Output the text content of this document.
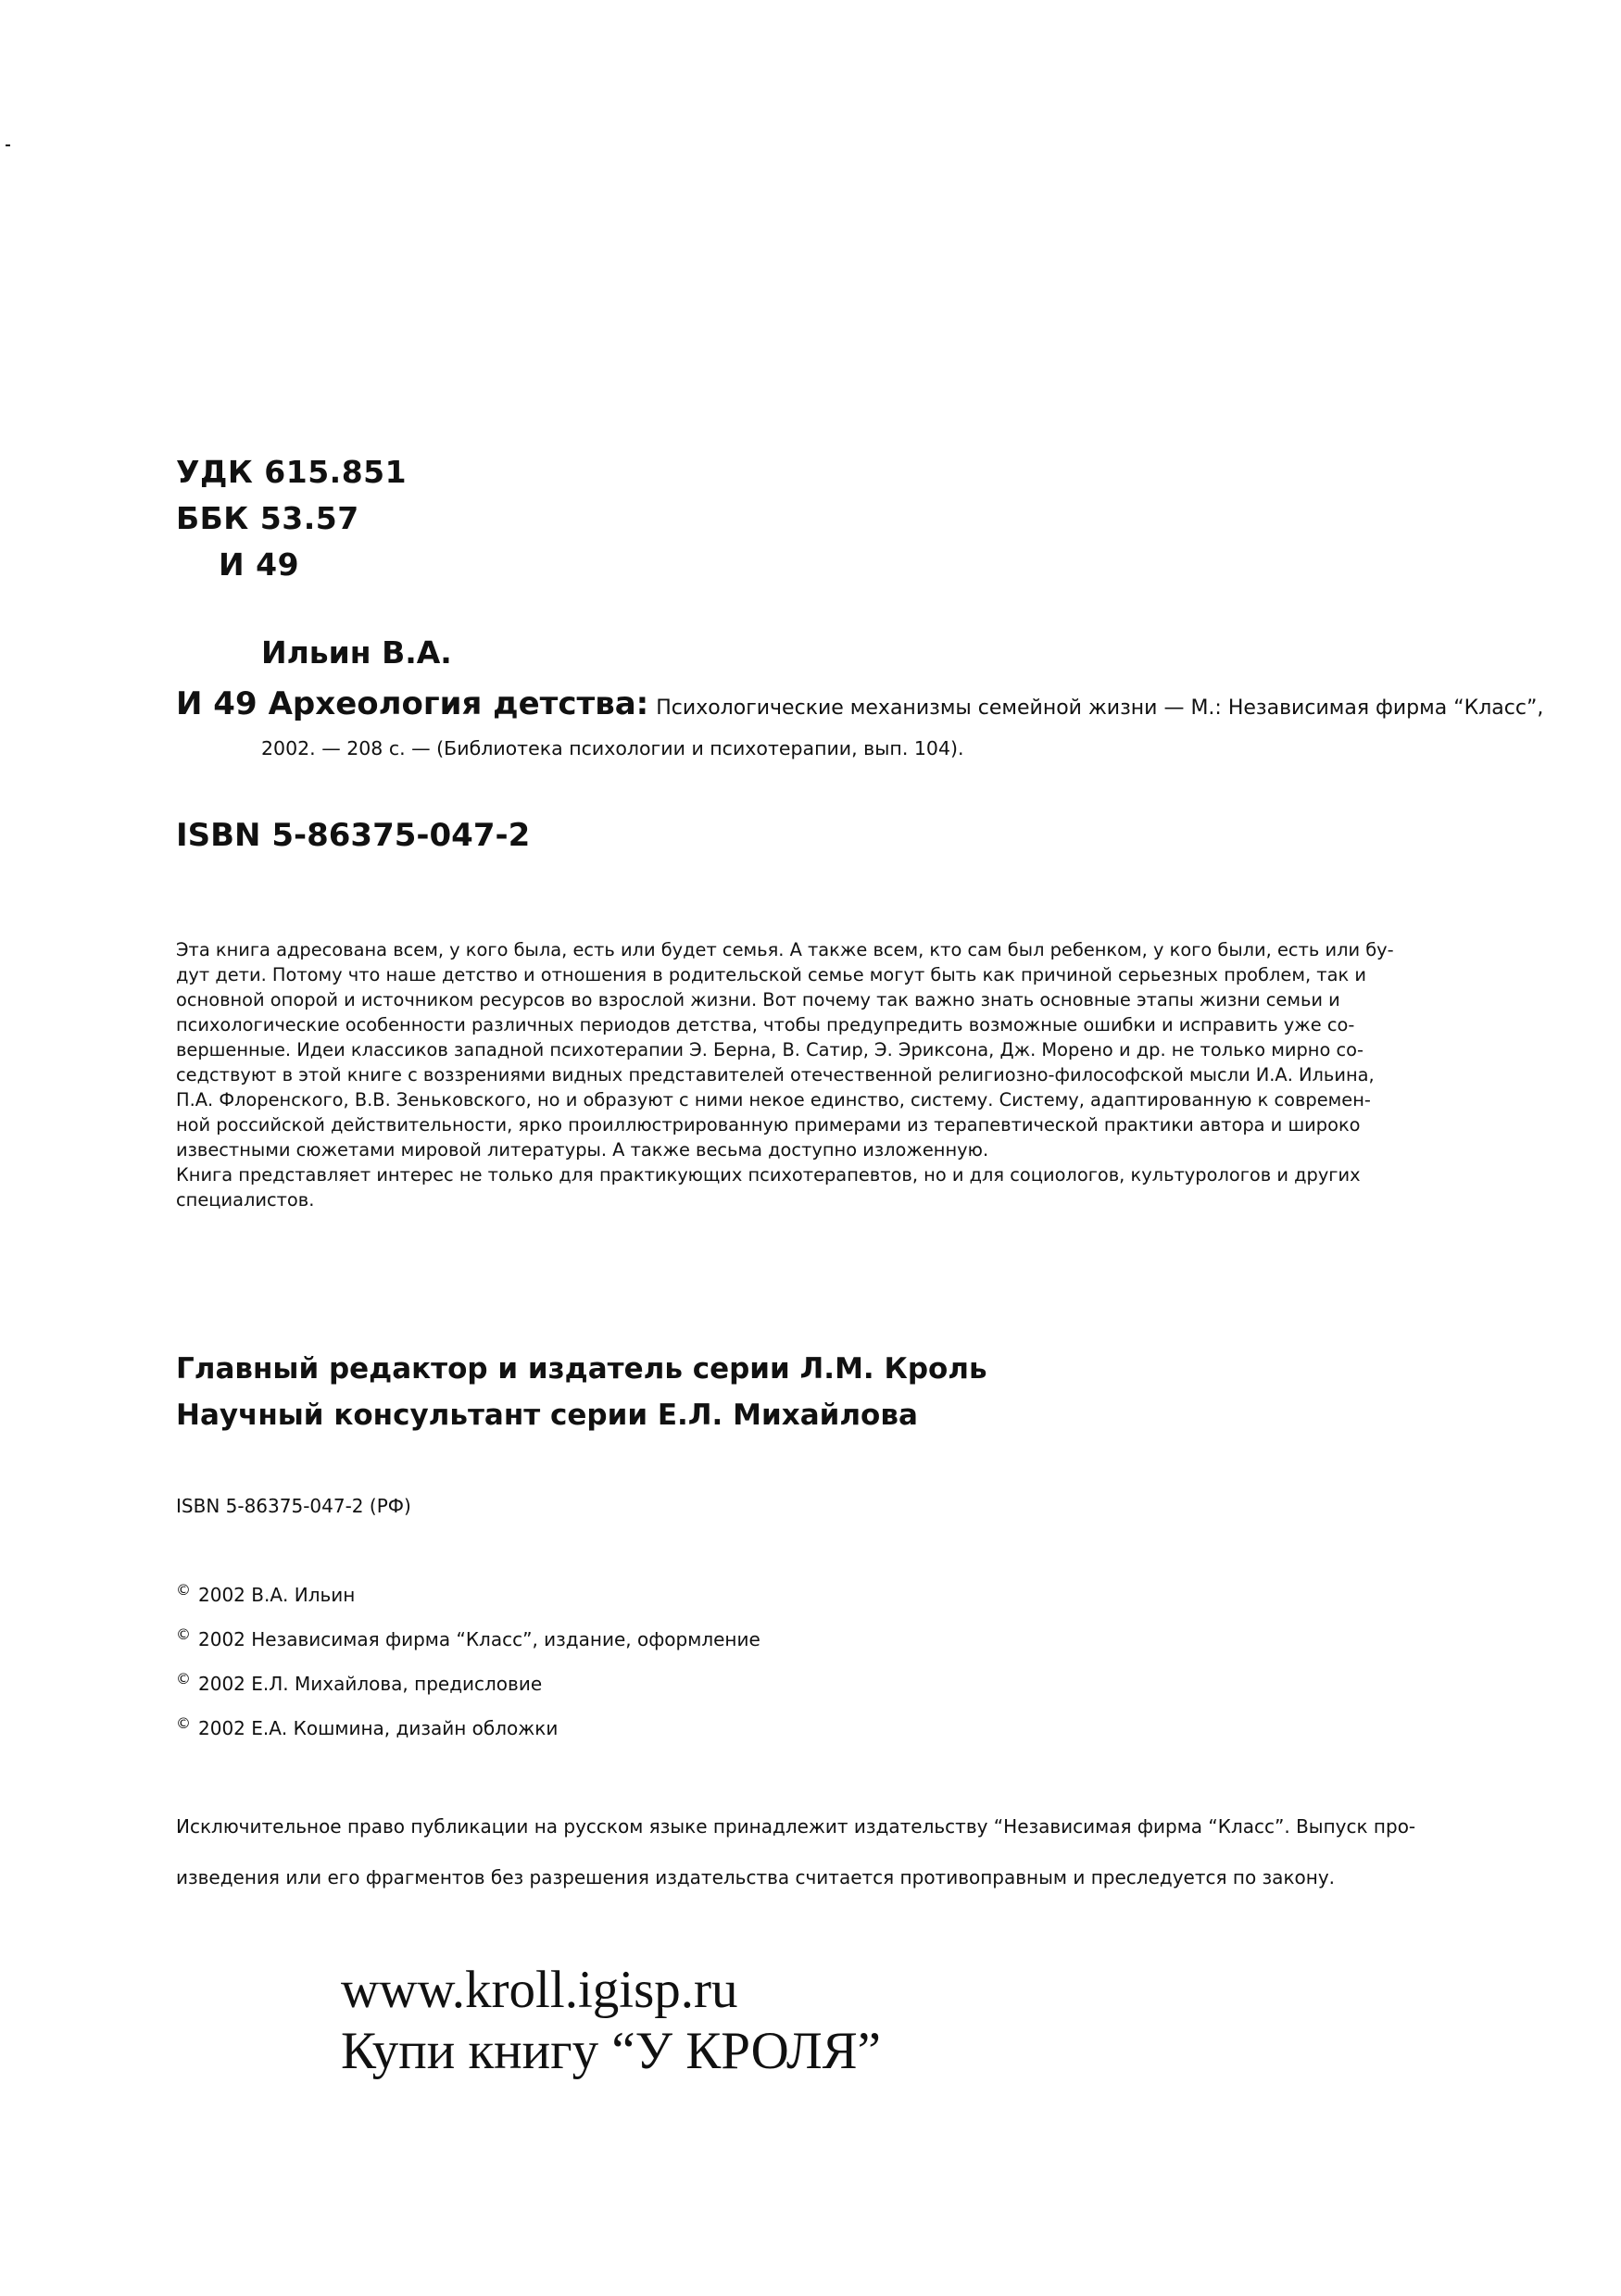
УДК 615.851
ББК 53.57
И 49
Ильин В.А.
И 49 Археология детства: Психологические механизмы семейной жизни — М.: Независимая фирма “Класс”,
2002. — 208 с. — (Библиотека психологии и психотерапии, вып. 104).
ISBN 5-86375-047-2

Эта книга адресована всем, у кого была, есть или будет семья. А также всем, кто сам был ребенком, у кого были, есть или бу-

дут дети. Потому что наше детство и отношения в родительской семье могут быть как причиной серьезных проблем, так и

основной опорой и источником ресурсов во взрослой жизни. Вот почему так важно знать основные этапы жизни семьи и

психологические особенности различных периодов детства, чтобы предупредить возможные ошибки и исправить уже со-

вершенные. Идеи классиков западной психотерапии Э. Берна, В. Сатир, Э. Эриксона, Дж. Морено и др. не только мирно со-

седствуют в этой книге с воззрениями видных представителей отечественной религиозно-философской мысли И.А. Ильина,

П.А. Флоренского, В.В. Зеньковского, но и образуют с ними некое единство, систему. Систему, адаптированную к современ-

ной российской действительности, ярко проиллюстрированную примерами из терапевтической практики автора и широко

известными сюжетами мировой литературы. А также весьма доступно изложенную.

Книга представляет интерес не только для практикующих психотерапевтов, но и для социологов, культурологов и других

специалистов.

Главный редактор и издатель серии Л.М. Кроль
Научный консультант серии Е.Л. Михайлова
ISBN 5-86375-047-2 (РФ)
© 2002 В.А. Ильин
© 2002 Независимая фирма “Класс”, издание, оформление
© 2002 Е.Л. Михайлова, предисловие
© 2002 Е.А. Кошмина, дизайн обложки
Исключительное право публикации на русском языке принадлежит издательству “Независимая фирма “Класс”. Выпуск про-
изведения или его фрагментов без разрешения издательства считается противоправным и преследуется по закону.
www.kroll.igisp.ru
Купи книгу “У КРОЛЯ”
